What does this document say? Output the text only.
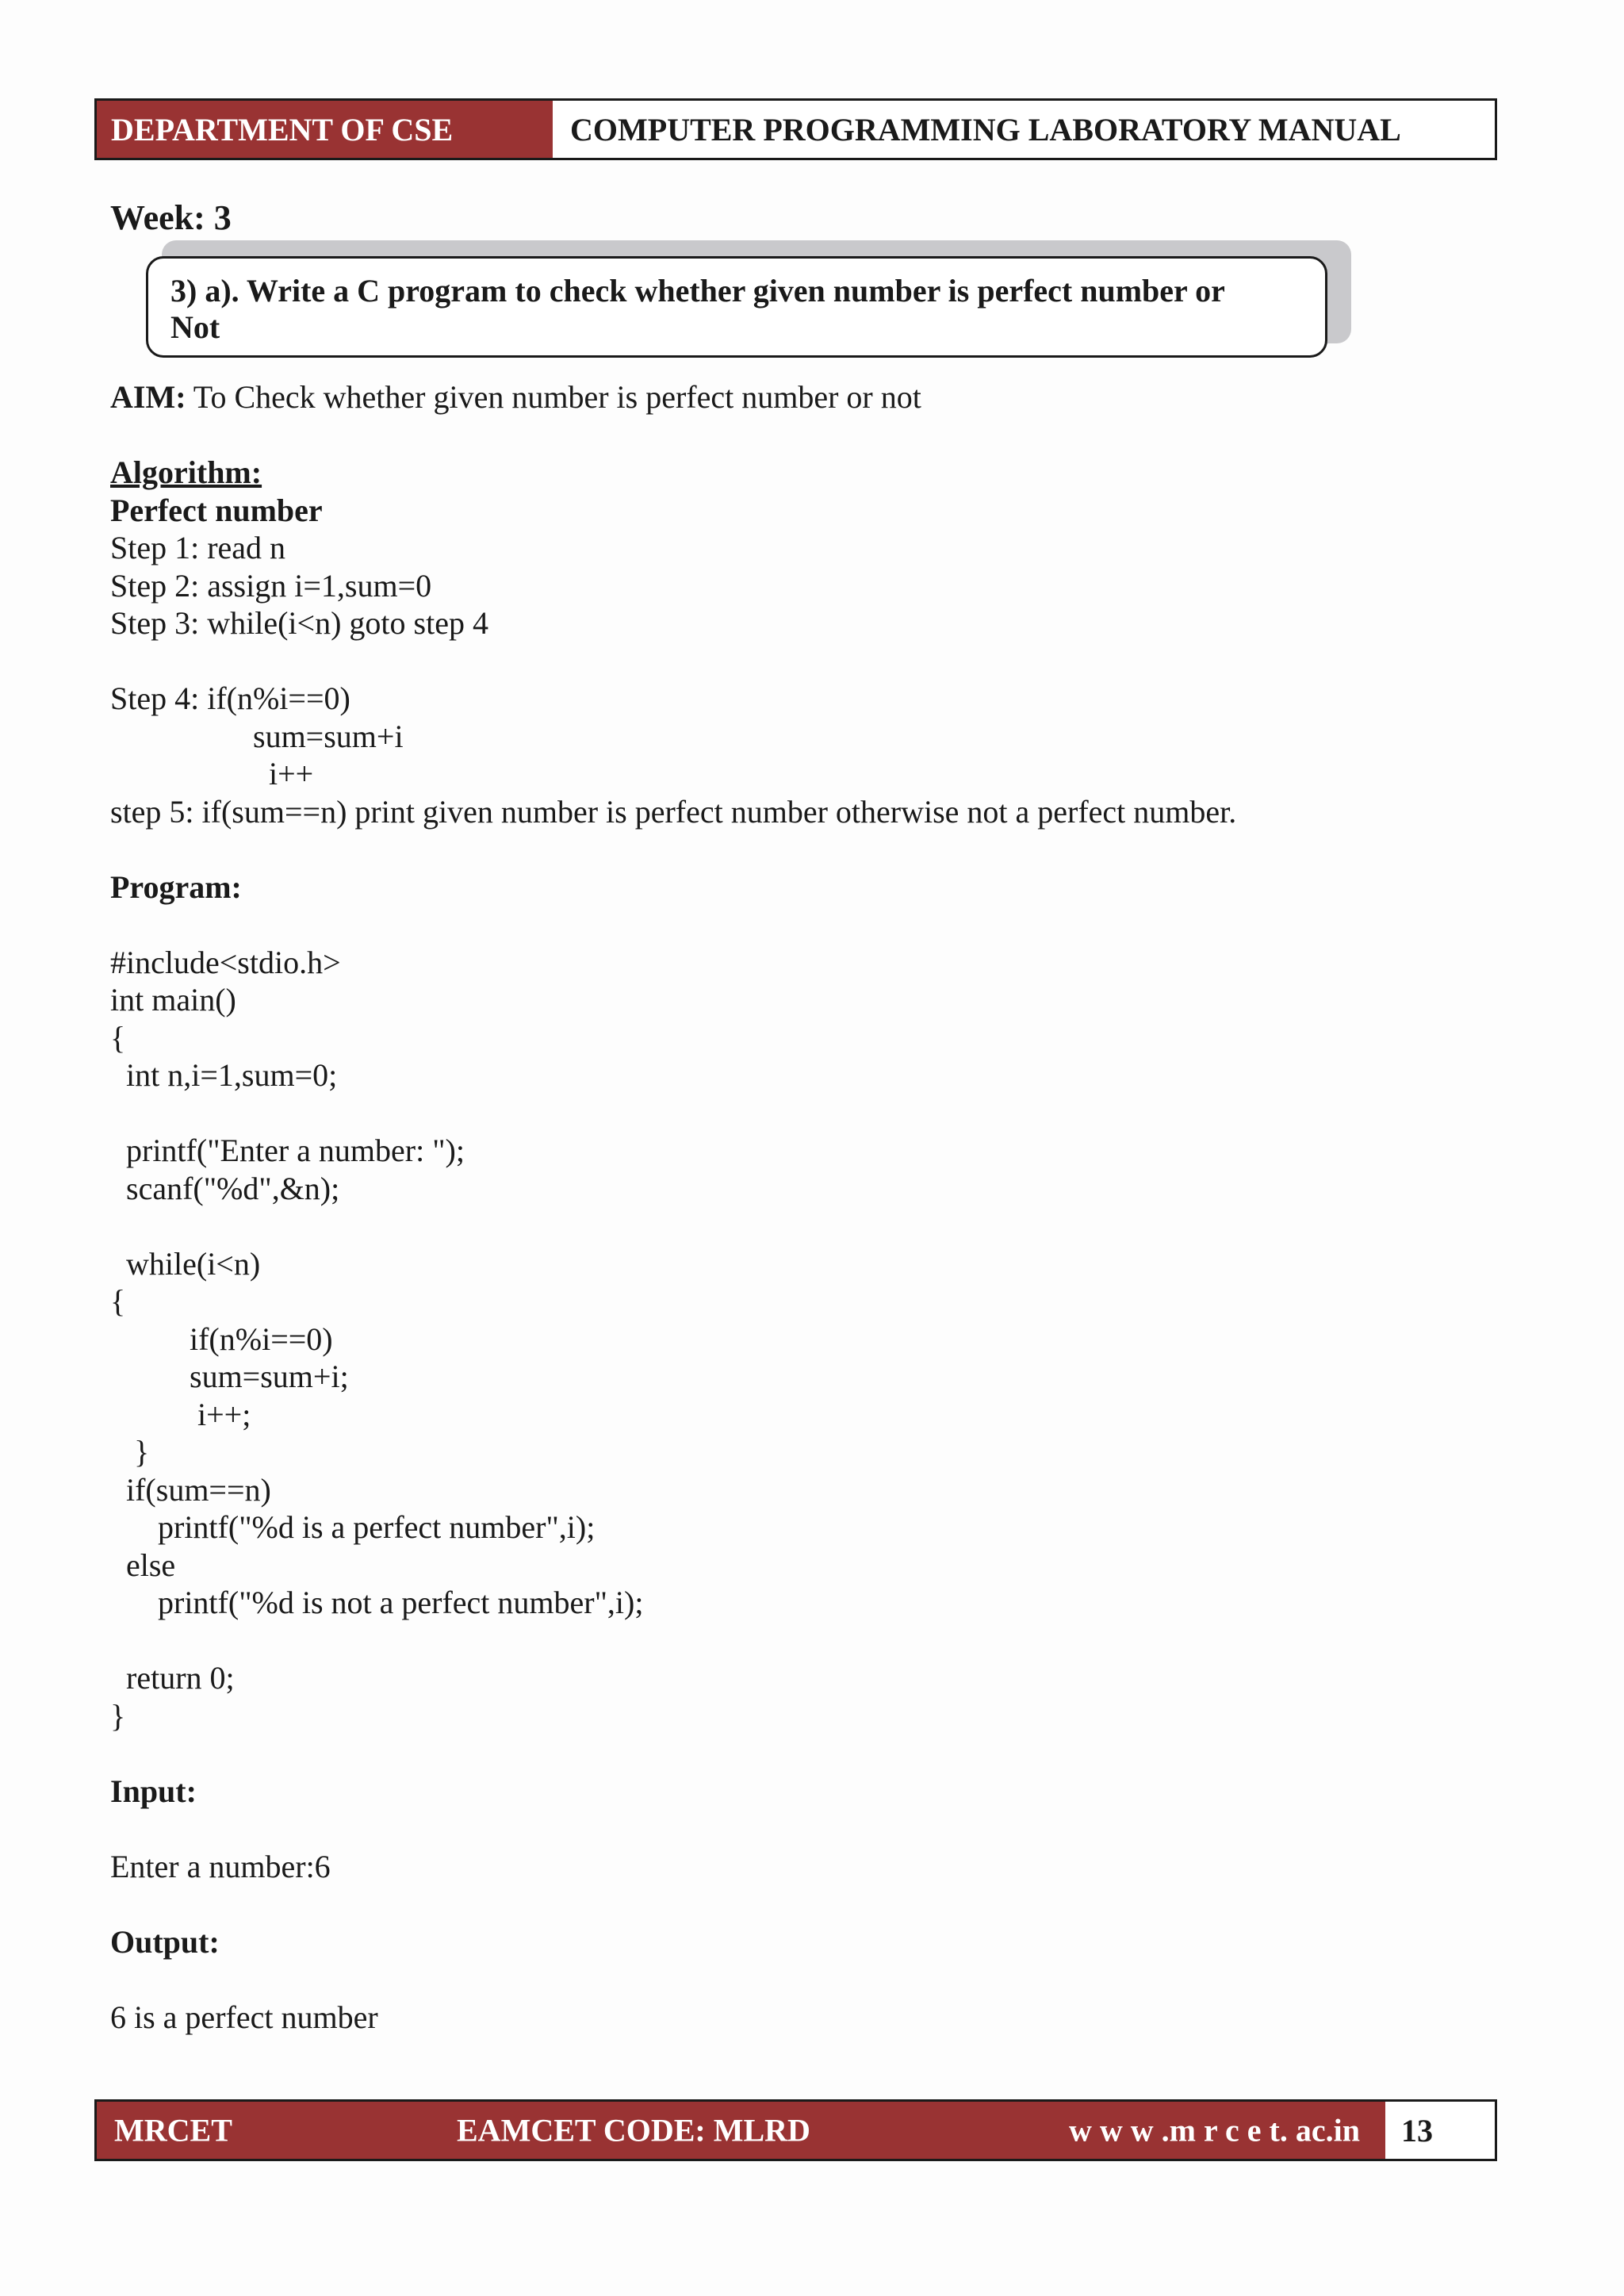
DEPARTMENT OF CSE	COMPUTER PROGRAMMING LABORATORY MANUAL
Week: 3
3) a). Write a C program to check whether given number is perfect number or
Not
AIM: To Check whether given number is perfect number or not
Algorithm:
Perfect number
Step 1: read n
Step 2: assign i=1,sum=0
Step 3: while(i<n) goto step 4
Step 4: if(n%i==0)
sum=sum+i
i++
step 5: if(sum==n) print given number is perfect number otherwise not a perfect number.
Program:
#include<stdio.h>
int main()
{
int n,i=1,sum=0;
printf("Enter a number: ");
scanf("%d",&n);
while(i<n)
{
if(n%i==0)
sum=sum+i;
i++;
}
if(sum==n)
printf("%d is a perfect number",i);
else
printf("%d is not a perfect number",i);
return 0;
}
Input:
Enter a number:6
Output:
6 is a perfect number
MRCET	EAMCET CODE: MLRD	w w w .m r c e t. ac.in	13
